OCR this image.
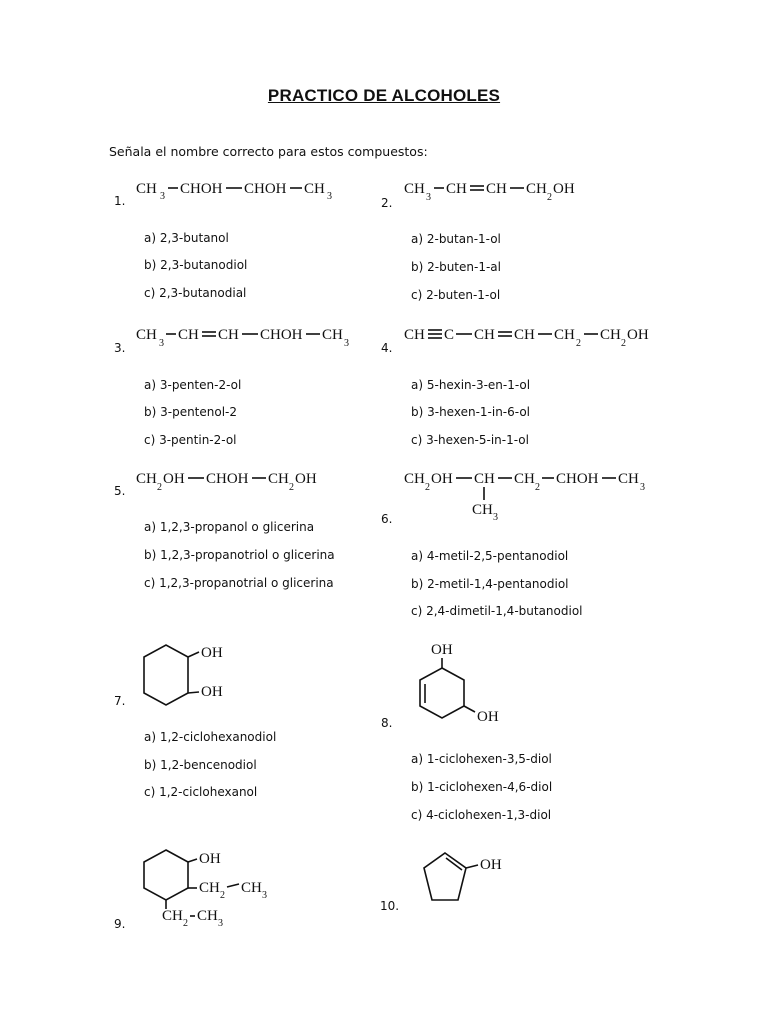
PRACTICO DE ALCOHOLES
Señala el nombre correcto para estos compuestos:
1.
CH 3 CHOH CHOH CH 3
a) 2,3-butanol
b) 2,3-butanodiol
c) 2,3-butanodial
2.
CH
3
CH CH CH
2
OH
a) 2-butan-1-ol
b) 2-buten-1-al
c) 2-buten-1-ol
3.
CH
3
CH CH CHOH CH
3
a) 3-penten-2-ol
b) 3-pentenol-2
c) 3-pentin-2-ol
4.
CH C CH CH CH
2
CH
2
OH
a) 5-hexin-3-en-1-ol
b) 3-hexen-1-in-6-ol
c) 3-hexen-5-in-1-ol
5.
CH
2
OH CHOH CH
2
OH
a) 1,2,3-propanol o glicerina
b) 1,2,3-propanotriol o glicerina
c) 1,2,3-propanotrial o glicerina
6.
CH
2
OH CH
CH 3
CH
2
CHOH CH
3
a) 4-metil-2,5-pentanodiol
b) 2-metil-1,4-pentanodiol
c) 2,4-dimetil-1,4-butanodiol
7.
OH
OH
a) 1,2-ciclohexanodiol
b) 1,2-bencenodiol
c) 1,2-ciclohexanol
8.
OH
OH
a) 1-ciclohexen-3,5-diol
b) 1-ciclohexen-4,6-diol
c) 4-ciclohexen-1,3-diol
9.
OH
CH 2 CH 3
CH 2 CH 3
10.
OH
